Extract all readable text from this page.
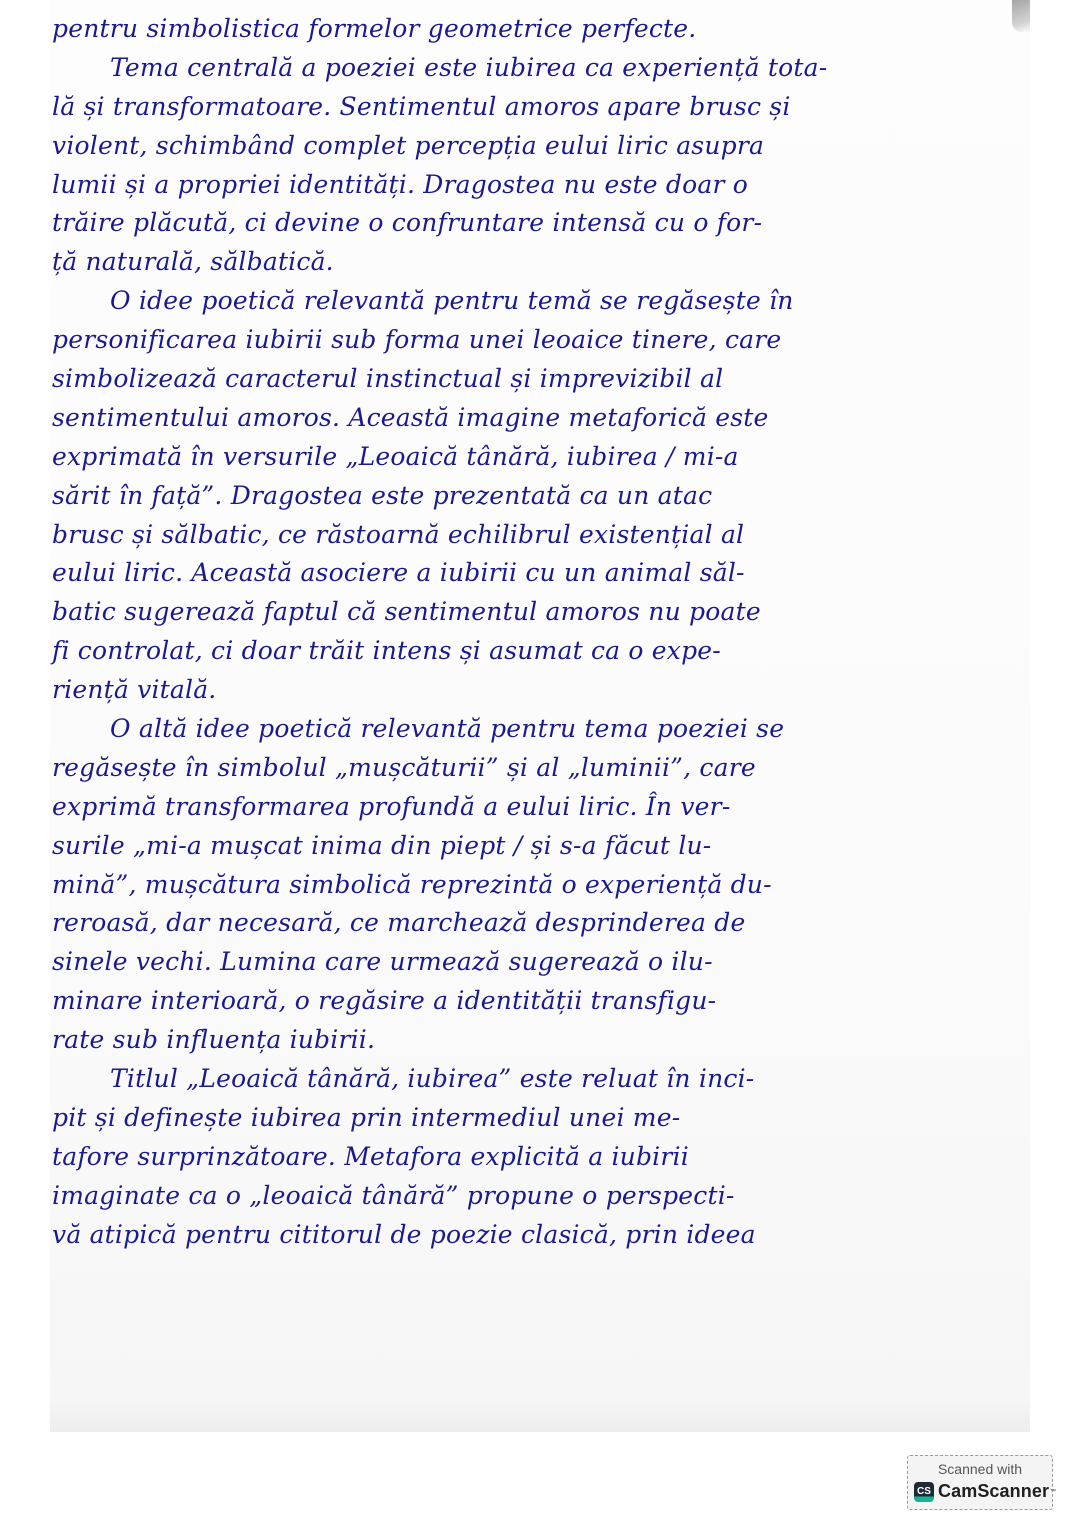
pentru simbolistica formelor geometrice perfecte.
Tema centrală a poeziei este iubirea ca experiență tota-
lă și transformatoare. Sentimentul amoros apare brusc și
violent, schimbând complet percepția eului liric asupra
lumii și a propriei identități. Dragostea nu este doar o
trăire plăcută, ci devine o confruntare intensă cu o for-
ță naturală, sălbatică.
O idee poetică relevantă pentru temă se regăsește în
personificarea iubirii sub forma unei leoaice tinere, care
simbolizează caracterul instinctual și imprevizibil al
sentimentului amoros. Această imagine metaforică este
exprimată în versurile „Leoaică tânără, iubirea / mi-a
sărit în față”. Dragostea este prezentată ca un atac
brusc și sălbatic, ce răstoarnă echilibrul existențial al
eului liric. Această asociere a iubirii cu un animal săl-
batic sugerează faptul că sentimentul amoros nu poate
fi controlat, ci doar trăit intens și asumat ca o expe-
riență vitală.
O altă idee poetică relevantă pentru tema poeziei se
regăsește în simbolul „mușcăturii” și al „luminii”, care
exprimă transformarea profundă a eului liric. În ver-
surile „mi-a mușcat inima din piept / și s-a făcut lu-
mină”, mușcătura simbolică reprezintă o experiență du-
reroasă, dar necesară, ce marchează desprinderea de
sinele vechi. Lumina care urmează sugerează o ilu-
minare interioară, o regăsire a identității transfigu-
rate sub influența iubirii.
Titlul „Leoaică tânără, iubirea” este reluat în inci-
pit și definește iubirea prin intermediul unei me-
tafore surprinzătoare. Metafora explicită a iubirii
imaginate ca o „leoaică tânără” propune o perspecti-
vă atipică pentru cititorul de poezie clasică, prin ideea
Scanned with
CS CamScanner ™
